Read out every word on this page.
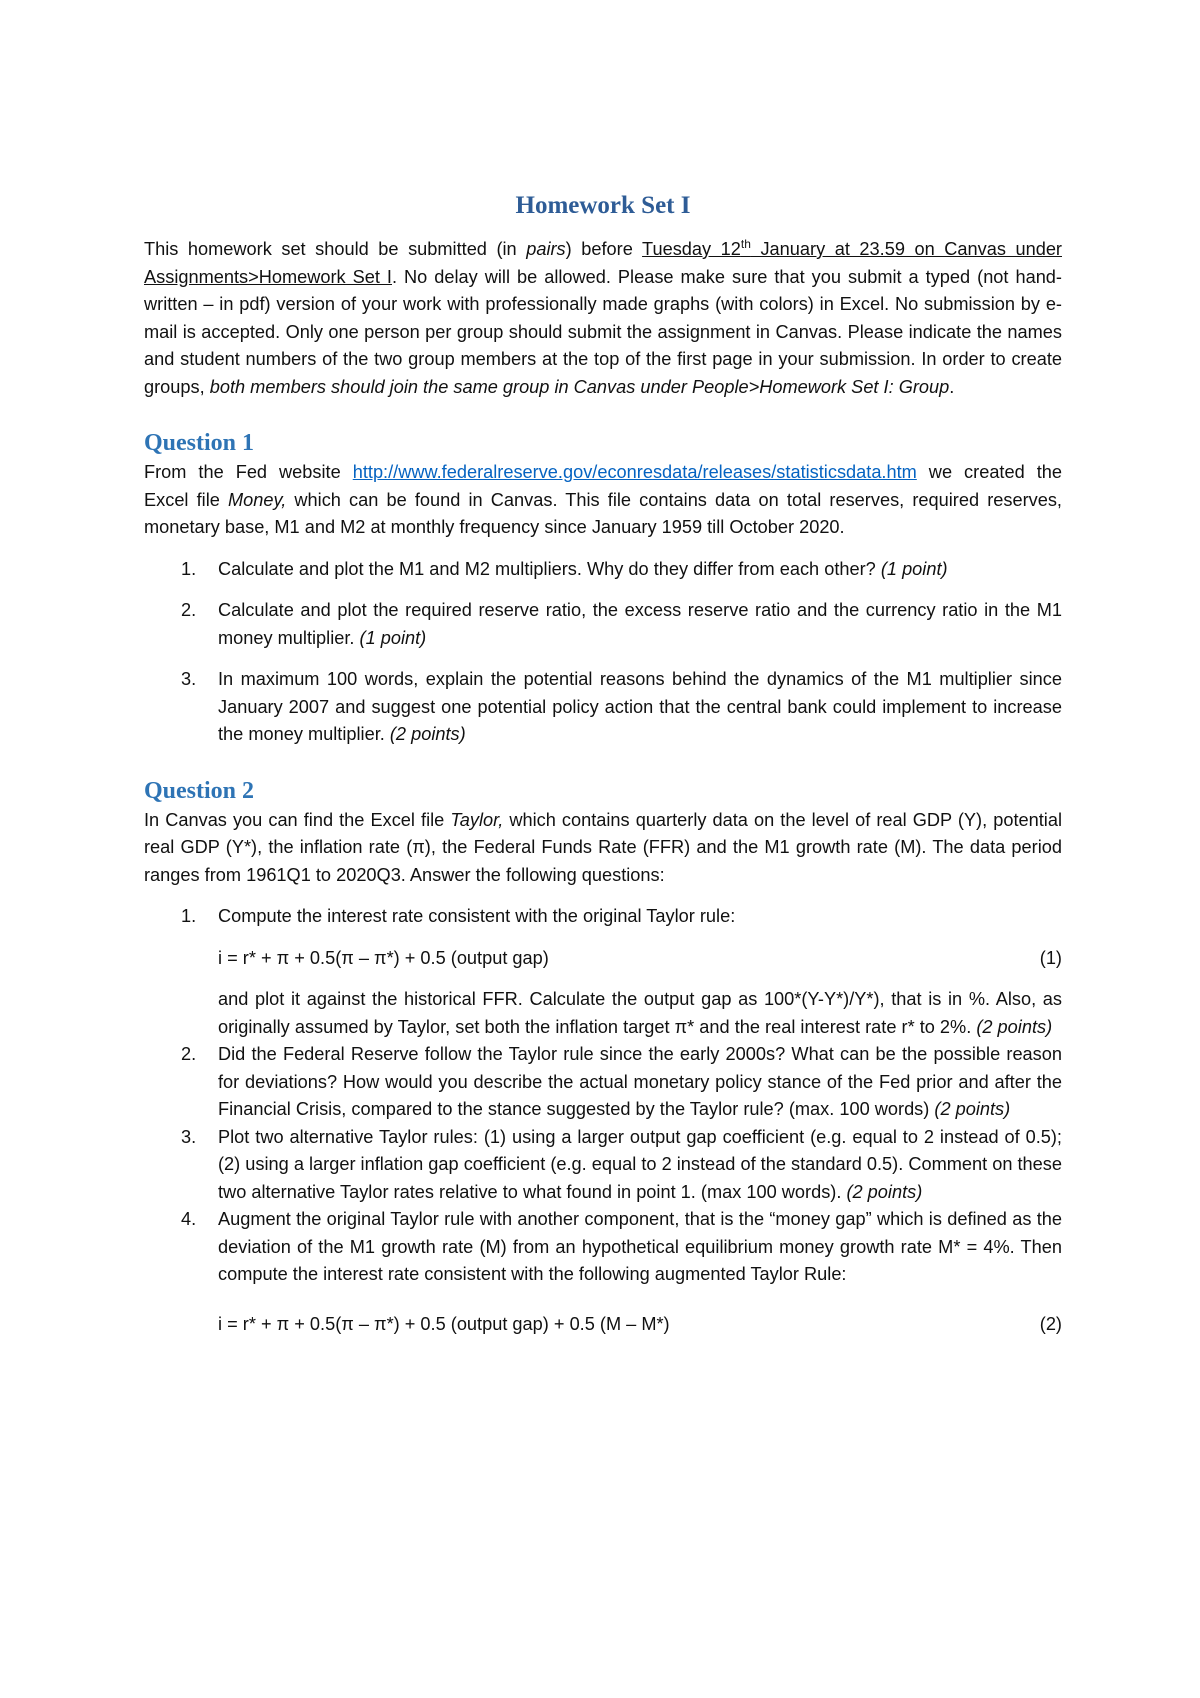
Homework Set I

This homework set should be submitted (in pairs) before Tuesday 12th January at 23.59 on Canvas under Assignments>Homework Set I. No delay will be allowed. Please make sure that you submit a typed (not hand-written – in pdf) version of your work with professionally made graphs (with colors) in Excel. No submission by e-mail is accepted. Only one person per group should submit the assignment in Canvas. Please indicate the names and student numbers of the two group members at the top of the first page in your submission. In order to create groups, both members should join the same group in Canvas under People>Homework Set I: Group.

Question 1

From the Fed website http://www.federalreserve.gov/econresdata/releases/statisticsdata.htm we created the Excel file Money, which can be found in Canvas. This file contains data on total reserves, required reserves, monetary base, M1 and M2 at monthly frequency since January 1959 till October 2020.

1. Calculate and plot the M1 and M2 multipliers. Why do they differ from each other? (1 point)
2. Calculate and plot the required reserve ratio, the excess reserve ratio and the currency ratio in the M1 money multiplier. (1 point)
3. In maximum 100 words, explain the potential reasons behind the dynamics of the M1 multiplier since January 2007 and suggest one potential policy action that the central bank could implement to increase the money multiplier. (2 points)
Question 2

In Canvas you can find the Excel file Taylor, which contains quarterly data on the level of real GDP (Y), potential real GDP (Y*), the inflation rate (π), the Federal Funds Rate (FFR) and the M1 growth rate (M). The data period ranges from 1961Q1 to 2020Q3. Answer the following questions:

1. Compute the interest rate consistent with the original Taylor rule:
i = r* + π + 0.5(π – π*) + 0.5 (output gap)	(1)
and plot it against the historical FFR. Calculate the output gap as 100*(Y-Y*)/Y*), that is in %. Also, as originally assumed by Taylor, set both the inflation target π* and the real interest rate r* to 2%. (2 points)
2. Did the Federal Reserve follow the Taylor rule since the early 2000s? What can be the possible reason for deviations? How would you describe the actual monetary policy stance of the Fed prior and after the Financial Crisis, compared to the stance suggested by the Taylor rule? (max. 100 words) (2 points)
3. Plot two alternative Taylor rules: (1) using a larger output gap coefficient (e.g. equal to 2 instead of 0.5); (2) using a larger inflation gap coefficient (e.g. equal to 2 instead of the standard 0.5). Comment on these two alternative Taylor rates relative to what found in point 1. (max 100 words). (2 points)
4. Augment the original Taylor rule with another component, that is the “money gap” which is defined as the deviation of the M1 growth rate (M) from an hypothetical equilibrium money growth rate M* = 4%. Then compute the interest rate consistent with the following augmented Taylor Rule:
i = r* + π + 0.5(π – π*) + 0.5 (output gap) + 0.5 (M – M*)	(2)
